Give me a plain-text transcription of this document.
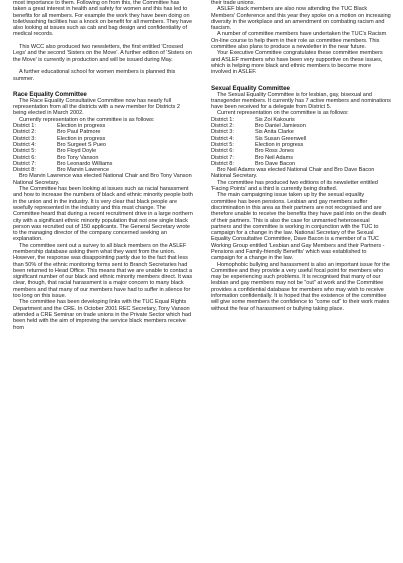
most importance to them. Following on from this, the Committee has taken a great interest in health and safety for women and this has led to benefits for all members. For example the work they have been doing on toilet/washing facilities has a knock on benefit for all members. They have also looking at issues such as cab and bag design and confidentiality of medical records.

This WCC also produced two newsletters, the first entitled 'Crossed Legs' and the second 'Sisters on the Move'. A further edition of 'Sisters on the Move' is currently in production and will be issued during May.

A further educational school for women members is planned this summer.

Race Equality Committee

The Race Equality Consultative Committee now has nearly full representation from all the districts with a new member for Districts 2 being elected in March 2002.

Currently representation on the committee is as follows:

District 1:	Election in progress
District 2:	Bro Paul Patmore
District 3:	Election in progress
District 4:	Bro Surgeet S Pueo
District 5:	Bro Floyd Doyle
District 6:	Bro Tony Vanson
District 7:	Bro Leonardo Williams
District 8:	Bro Marvin Lawrence

Bro Marvin Lawrence was elected National Chair and Bro Tony Vanson National Secretary.

The Committee has been looking at issues such as racial harassment and how to increase the numbers of black and ethnic minority people both in the union and in the industry. It is very clear that black people are woefully represented in the industry and this must change. The Committee heard that during a recent recruitment drive in a large northern city with a significant ethnic minority population that not one single black person was recruited out of 150 applicants. The General Secretary wrote to the managing director of the company concerned seeking an explanation.

The committee sent out a survey to all black members on the ASLEF membership database asking them what they want from the union. However, the response was disappointing partly due to the fact that less than 50% of the ethnic monitoring forms sent to Branch Secretaries had been returned to Head Office. This means that we are unable to contact a significant number of our black and ethnic minority members direct. It was clear, though, that racial harassment is a major concern to many black members and that many of our members have had to suffer in silence for too long on this issue.

The committee has been developing links with the TUC Equal Rights Department and the CRE. In October 2001 REC Secretary, Tony Vanson attended a CRE Seminar on trade unions in the Private Sector which had been held with the aim of improving the service black members receive from

their trade unions.

ASLEF black members are also now attending the TUC Black Members' Conference and this year they spoke on a motion on increasing diversity in the workplace and an amendment on combating racism and fascism.

A number of committee members have undertaken the TUC's Racism On-line course to help them in their role as committee members. This committee also plans to produce a newsletter in the near future.

Your Executive Committee congratulates these committee members and ASLEF members who have been very supportive on these issues, which is helping more black and ethnic members to become more involved in ASLEF.

Sexual Equality Committee

The Sexual Equality Committee is for lesbian, gay, bisexual and transgender members. It currently has 7 active members and nominations have been received for a delegate from District 5.

Current representation on the committee is as follows:

District 1:	Sis Zoi Kakouris
District 2:	Bro Daniel Jamieson
District 3:	Sis Anita Clarke
District 4:	Sis Susan Greenwell
District 5:	Election in progress
District 6:	Bro Ross Jones
District 7:	Bro Neil Adams
District 8:	Bro Dave Bacon

Bro Neil Adams was elected National Chair and Bro Dave Bacon National Secretary.

The committee has produced two editions of its newsletter entitled 'Facing Points' and a third is currently being drafted.

The main campaigning issue taken up by the sexual equality committee has been pensions. Lesbian and gay members suffer discrimination in this area as their partners are not recognised and are therefore unable to receive the benefits they have paid into on the death of their partners. This is also the case for unmarried heterosexual partners and the committee is working in conjunction with the TUC to campaign for a change in the law. National Secretary of the Sexual Equality Consultative Committee, Dave Bacon is a member of a TUC Working Group entitled 'Lesbian and Gay Members and their Partners - Pensions and Family-friendly Benefits' which was established to campaign for a change in the law.

Homophobic bullying and harassment is also an important issue for the Committee and they provide a very useful focal point for members who may be experiencing such problems. It is recognised that many of our lesbian and gay members may not be "out" at work and the Committee provides a confidential database for members who may wish to receive information confidentially. It is hoped that the existence of the committee will give some members the confidence to "come out" to their work mates without the fear of harassment or bullying taking place.
